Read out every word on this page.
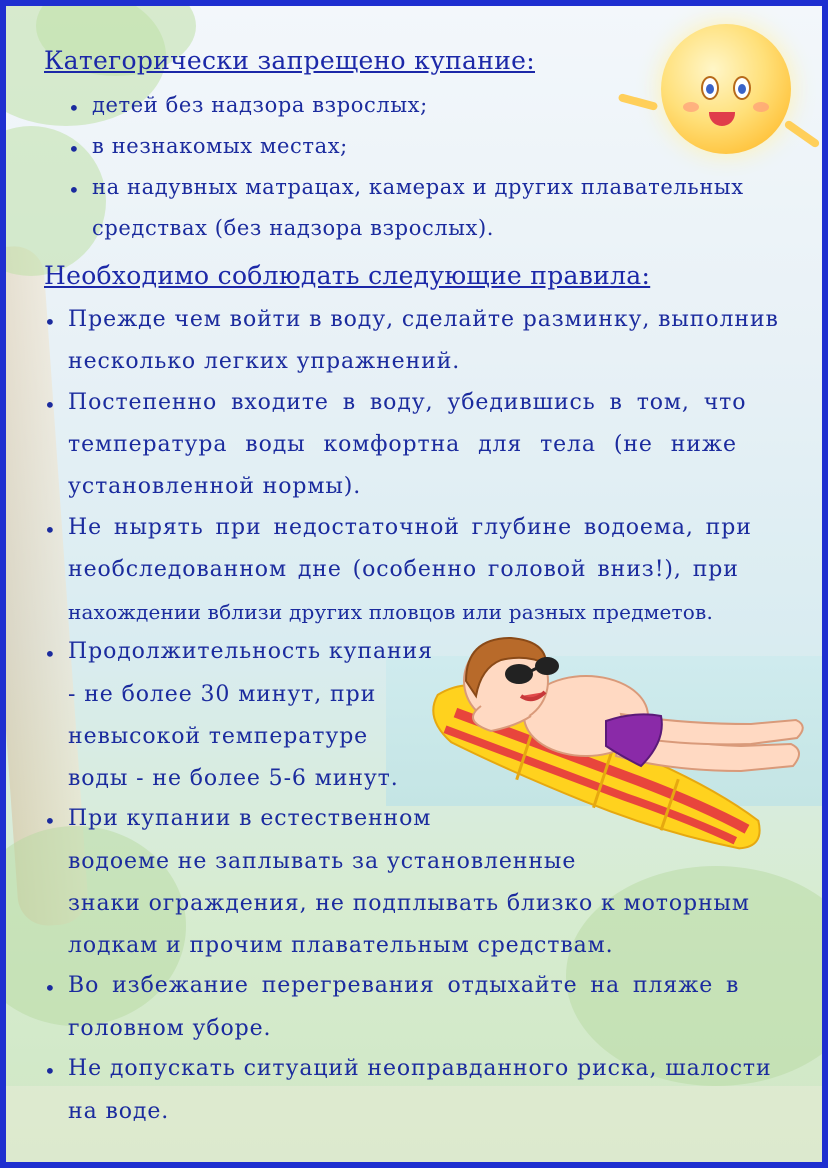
Категорически запрещено купание:
• детей без надзора взрослых;
• в незнакомых местах;
• на надувных матрацах, камерах и других плавательных
средствах (без надзора взрослых).
Необходимо соблюдать следующие правила:
• Прежде чем войти в воду, сделайте разминку, выполнив
несколько легких упражнений.
• Постепенно входите в воду, убедившись в том, что
температура воды комфортна для тела (не ниже
установленной нормы).
• Не нырять при недостаточной глубине водоема, при
необследованном дне (особенно головой вниз!), при
нахождении вблизи других пловцов или разных предметов.
• Продолжительность купания
- не более 30 минут, при
невысокой температуре
воды - не более 5-6 минут.
• При купании в естественном
водоеме не заплывать за установленные
знаки ограждения, не подплывать близко к моторным
лодкам и прочим плавательным средствам.
• Во избежание перегревания отдыхайте на пляже в
головном уборе.
• Не допускать ситуаций неоправданного риска, шалости
на воде.
